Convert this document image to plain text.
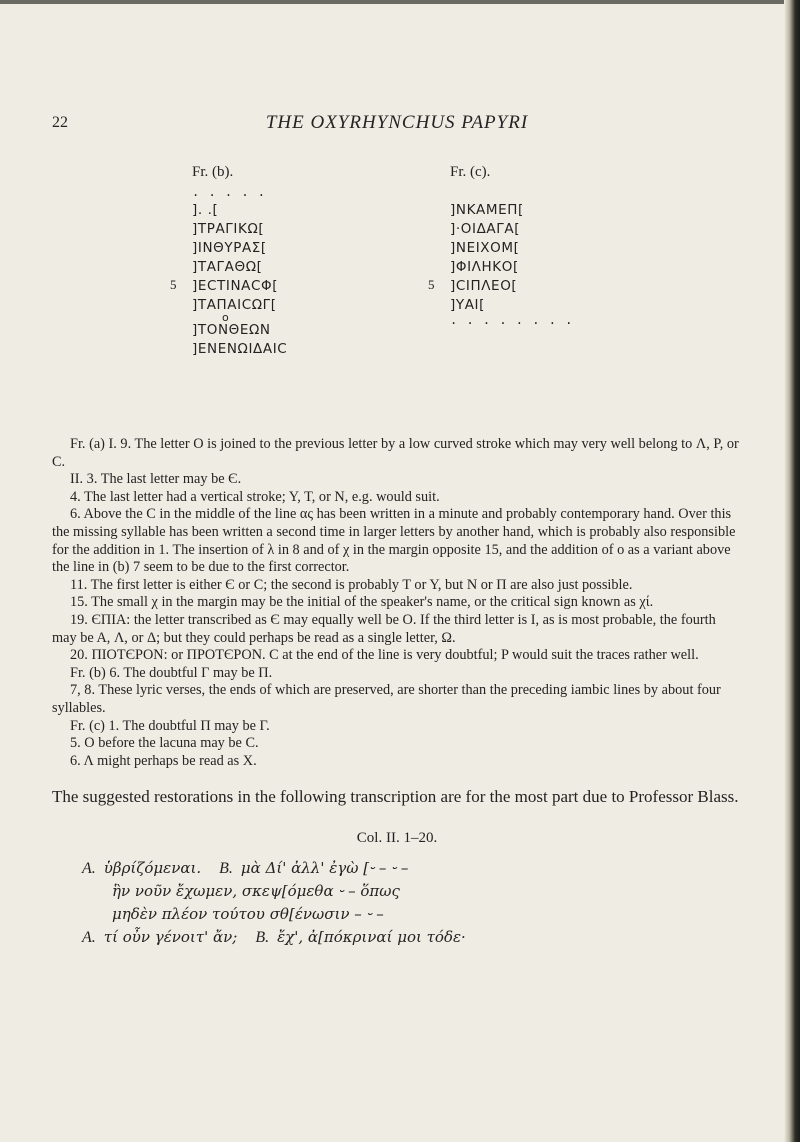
22	THE OXYRHYNCHUS PAPYRI
Fr. (b).
. . . . .
]. .[
]ΤΡΑΓΙΚΩ[
]ΙΝΘΥΡΑΣ[
]ΤΑΓΑΘΩ[
5 ]ΕCΤΙΝΑCΦ[
]ΤΑΠΑΙCΩΓ[
o
]ΤΟΝΘΕΩΝ
]ΕΝΕΝΩΙΔΑΙC
Fr. (c).
]ΝΚΑΜΕΠ[
]·ΟΙΔΑΓΑ[
]ΝΕΙΧΟΜ[
]ΦΙΛΗΚΟ[
5 ]CΙΠΛΕΟ[
]ΥΑΙ[
. . . . . . . .

Fr. (a) I. 9. The letter O is joined to the previous letter by a low curved stroke which may very well belong to Λ, P, or C.

II. 3. The last letter may be Є.

4. The last letter had a vertical stroke; Y, T, or N, e.g. would suit.

6. Above the C in the middle of the line ας has been written in a minute and probably contemporary hand. Over this the missing syllable has been written a second time in larger letters by another hand, which is probably also responsible for the addition in 1. The insertion of λ in 8 and of χ in the margin opposite 15, and the addition of ο as a variant above the line in (b) 7 seem to be due to the first corrector.

11. The first letter is either Є or C; the second is probably T or Y, but N or Π are also just possible.

15. The small χ in the margin may be the initial of the speaker's name, or the critical sign known as χί.

19. ЄΠΙΑ: the letter transcribed as Є may equally well be O. If the third letter is I, as is most probable, the fourth may be A, Λ, or Δ; but they could perhaps be read as a single letter, Ω.

20. ΠΙΟΤЄΡΟΝ: or ΠΡΟΤЄΡΟΝ. C at the end of the line is very doubtful; P would suit the traces rather well.

Fr. (b) 6. The doubtful Γ may be Π.

7, 8. These lyric verses, the ends of which are preserved, are shorter than the preceding iambic lines by about four syllables.

Fr. (c) 1. The doubtful Π may be Γ.

5. O before the lacuna may be C.

6. Λ might perhaps be read as X.

The suggested restorations in the following transcription are for the most part due to Professor Blass.
Col. II. 1–20.
A. ὑβρίζόμεναι. B. μὰ Δί' ἀλλ' ἐγὼ [⏑ – ⏑ –
ἣν νοῦν ἔχωμεν, σκεψ[όμεθα ⏑ – ὅπως
μηδὲν πλέον τούτου σθ[ένωσιν – ⏑ –
A. τί οὖν γένοιτ' ἄν; B. ἔχ', ἀ[πόκριναί μοι τόδε·
